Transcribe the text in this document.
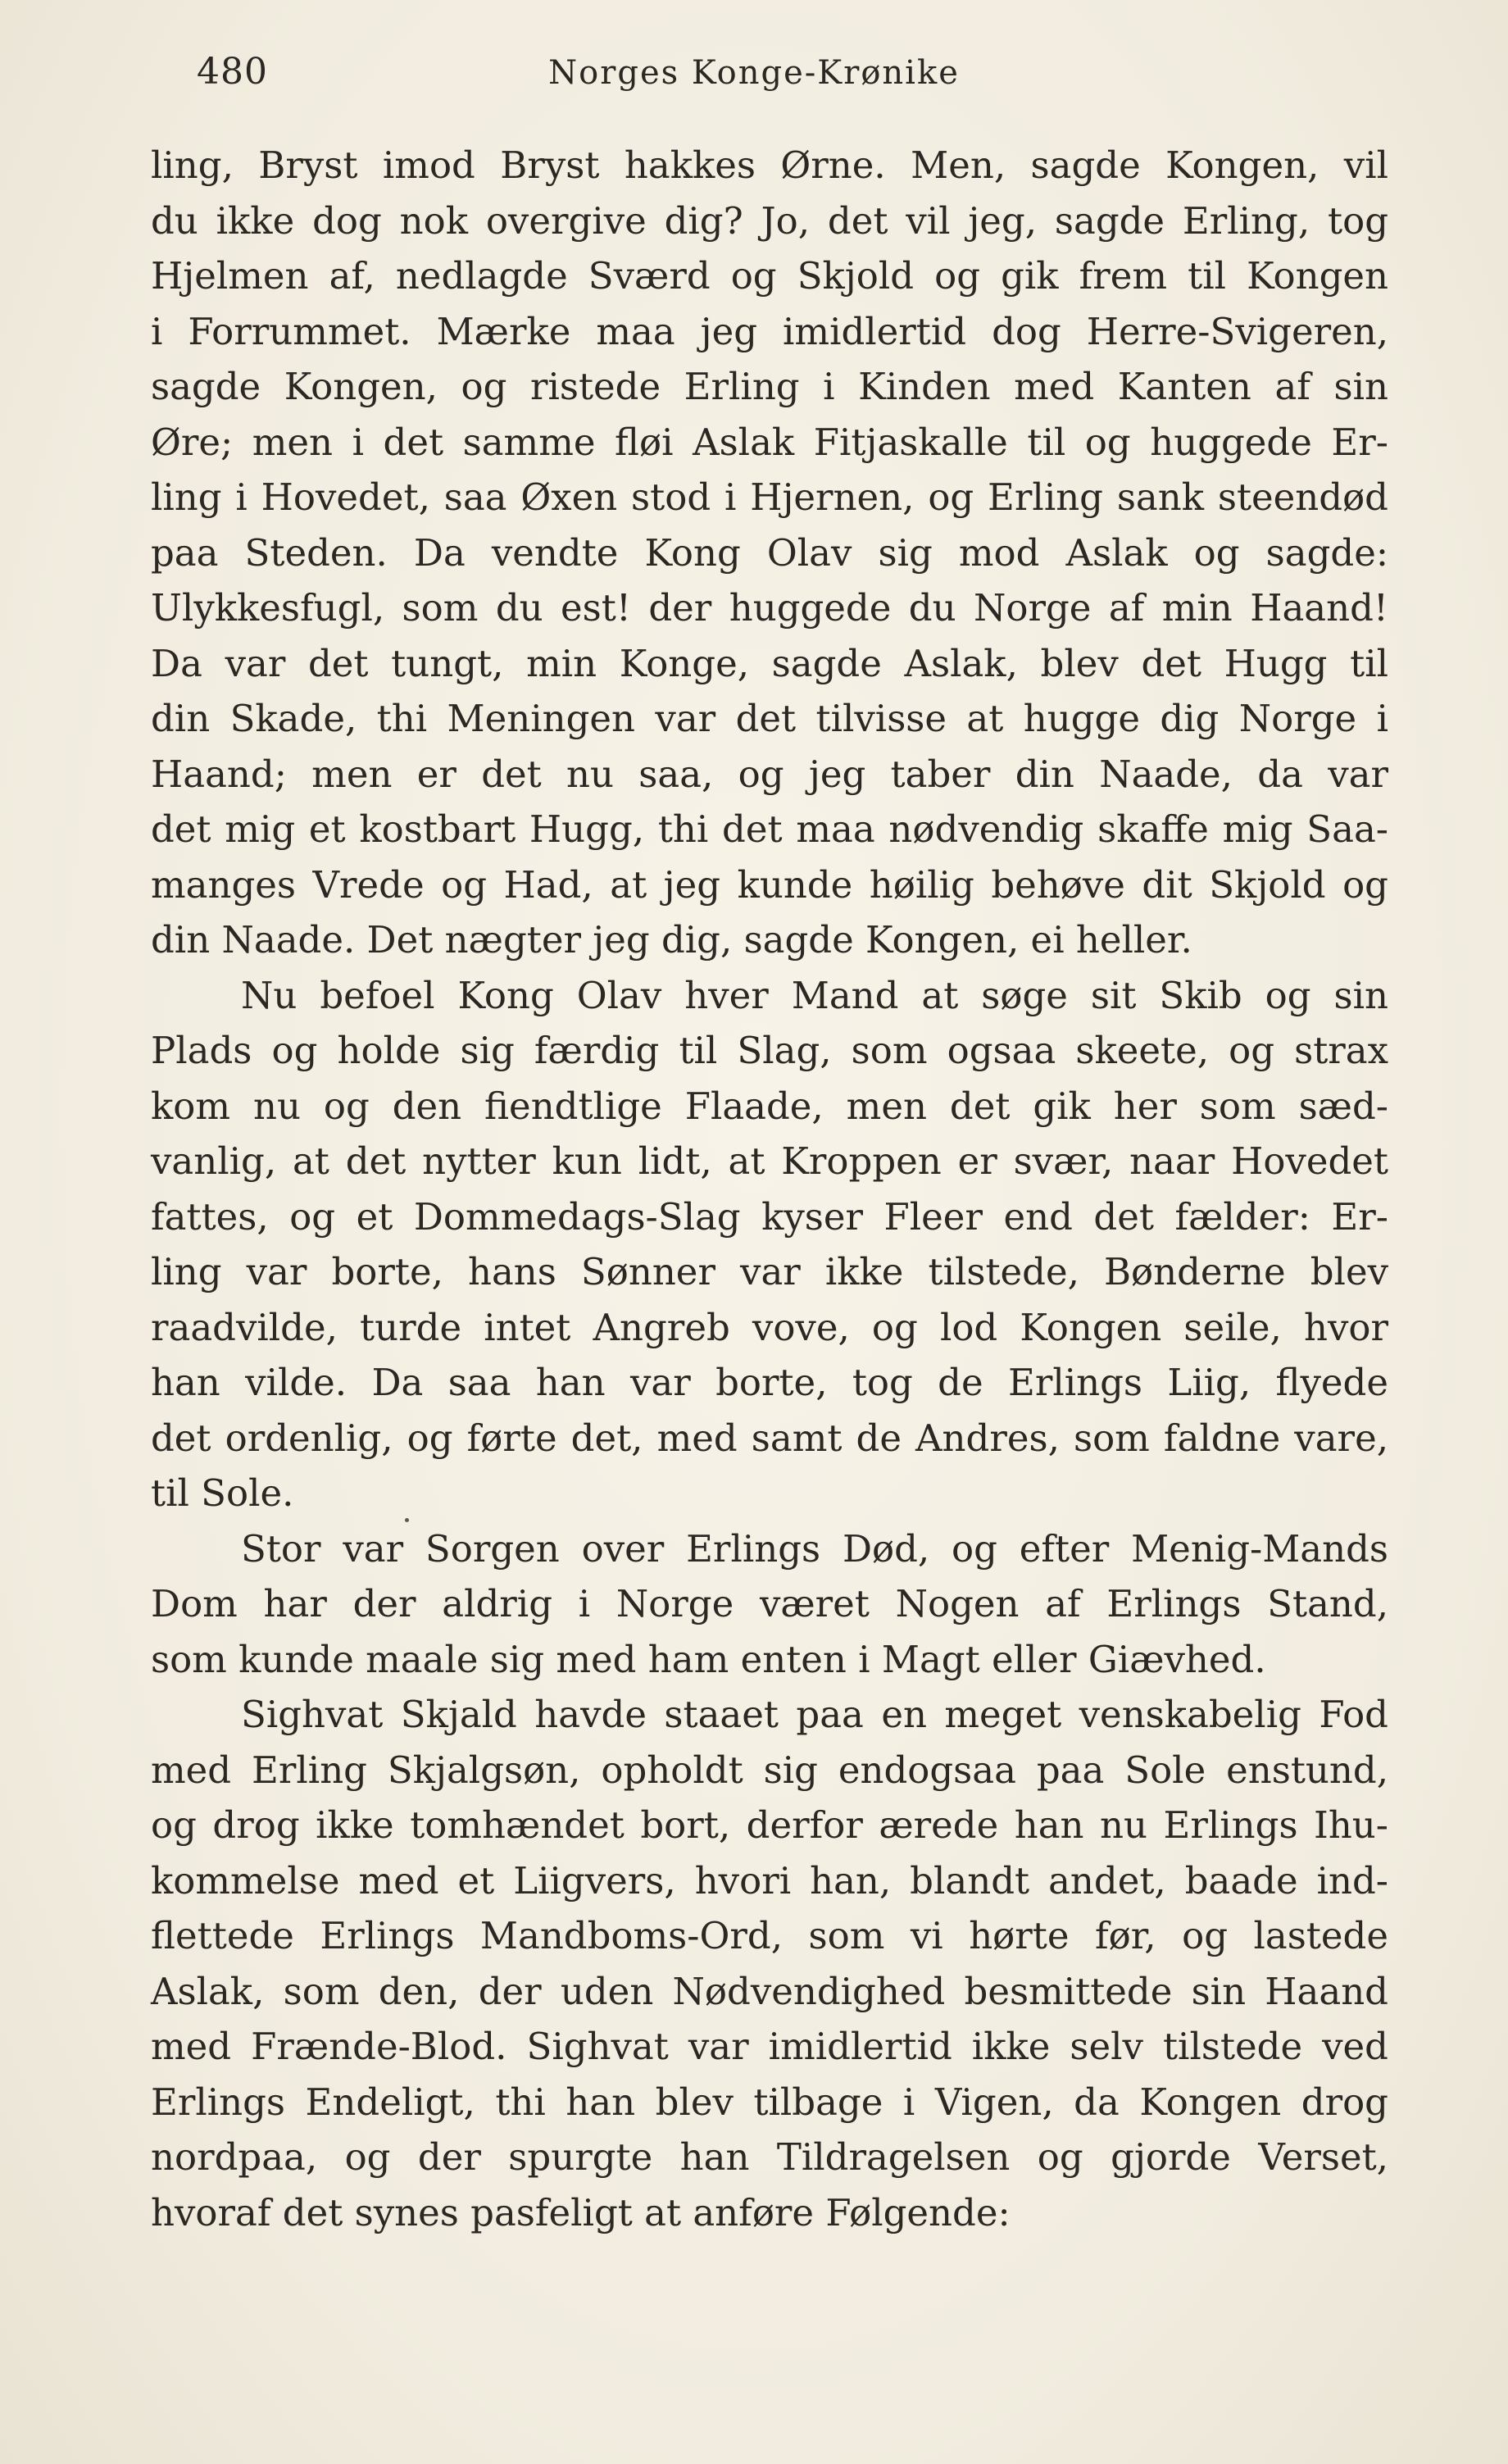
480	Norges Konge-Krønike
ling, Bryst imod Bryst hakkes Ørne. Men, sagde Kongen, vil
du ikke dog nok overgive dig? Jo, det vil jeg, sagde Erling, tog
Hjelmen af, nedlagde Sværd og Skjold og gik frem til Kongen
i Forrummet. Mærke maa jeg imidlertid dog Herre-Svigeren,
sagde Kongen, og ristede Erling i Kinden med Kanten af sin
Øre; men i det samme fløi Aslak Fitjaskalle til og huggede Er-
ling i Hovedet, saa Øxen stod i Hjernen, og Erling sank steendød
paa Steden. Da vendte Kong Olav sig mod Aslak og sagde:
Ulykkesfugl, som du est! der huggede du Norge af min Haand!
Da var det tungt, min Konge, sagde Aslak, blev det Hugg til
din Skade, thi Meningen var det tilvisse at hugge dig Norge i
Haand; men er det nu saa, og jeg taber din Naade, da var
det mig et kostbart Hugg, thi det maa nødvendig skaffe mig Saa-
manges Vrede og Had, at jeg kunde høilig behøve dit Skjold og
din Naade. Det nægter jeg dig, sagde Kongen, ei heller.
Nu befoel Kong Olav hver Mand at søge sit Skib og sin
Plads og holde sig færdig til Slag, som ogsaa skeete, og strax
kom nu og den fiendtlige Flaade, men det gik her som sæd-
vanlig, at det nytter kun lidt, at Kroppen er svær, naar Hovedet
fattes, og et Dommedags-Slag kyser Fleer end det fælder: Er-
ling var borte, hans Sønner var ikke tilstede, Bønderne blev
raadvilde, turde intet Angreb vove, og lod Kongen seile, hvor
han vilde. Da saa han var borte, tog de Erlings Liig, flyede
det ordenlig, og førte det, med samt de Andres, som faldne vare,
til Sole.
Stor var Sorgen over Erlings Død, og efter Menig-Mands
Dom har der aldrig i Norge været Nogen af Erlings Stand,
som kunde maale sig med ham enten i Magt eller Giævhed.
Sighvat Skjald havde staaet paa en meget venskabelig Fod
med Erling Skjalgsøn, opholdt sig endogsaa paa Sole enstund,
og drog ikke tomhændet bort, derfor ærede han nu Erlings Ihu-
kommelse med et Liigvers, hvori han, blandt andet, baade ind-
flettede Erlings Mandboms-Ord, som vi hørte før, og lastede
Aslak, som den, der uden Nødvendighed besmittede sin Haand
med Frænde-Blod. Sighvat var imidlertid ikke selv tilstede ved
Erlings Endeligt, thi han blev tilbage i Vigen, da Kongen drog
nordpaa, og der spurgte han Tildragelsen og gjorde Verset,
hvoraf det synes pasfeligt at anføre Følgende:
